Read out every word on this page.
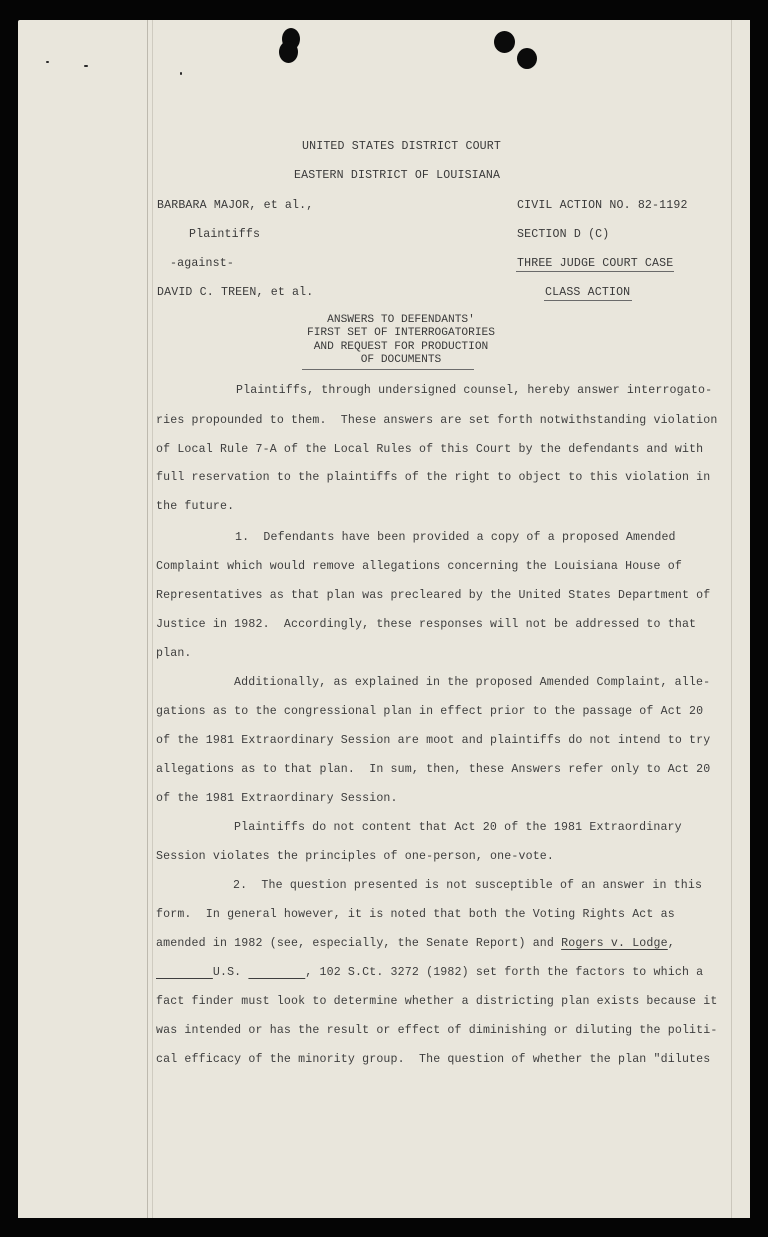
UNITED STATES DISTRICT COURT
EASTERN DISTRICT OF LOUISIANA
BARBARA MAJOR, et al.,
Plaintiffs
-against-
DAVID C. TREEN, et al.
CIVIL ACTION NO. 82-1192
SECTION D (C)
THREE JUDGE COURT CASE
CLASS ACTION
ANSWERS TO DEFENDANTS'
FIRST SET OF INTERROGATORIES
AND REQUEST FOR PRODUCTION
OF DOCUMENTS
Plaintiffs, through undersigned counsel, hereby answer interrogato-
ries propounded to them.  These answers are set forth notwithstanding violation
of Local Rule 7-A of the Local Rules of this Court by the defendants and with
full reservation to the plaintiffs of the right to object to this violation in
the future.
1.  Defendants have been provided a copy of a proposed Amended
Complaint which would remove allegations concerning the Louisiana House of
Representatives as that plan was precleared by the United States Department of
Justice in 1982.  Accordingly, these responses will not be addressed to that
plan.
Additionally, as explained in the proposed Amended Complaint, alle-
gations as to the congressional plan in effect prior to the passage of Act 20
of the 1981 Extraordinary Session are moot and plaintiffs do not intend to try
allegations as to that plan.  In sum, then, these Answers refer only to Act 20
of the 1981 Extraordinary Session.
Plaintiffs do not content that Act 20 of the 1981 Extraordinary
Session violates the principles of one-person, one-vote.
2.  The question presented is not susceptible of an answer in this
form.  In general however, it is noted that both the Voting Rights Act as
amended in 1982 (see, especially, the Senate Report) and Rogers v. Lodge,
U.S.	, 102 S.Ct. 3272 (1982) set forth the factors to which a
fact finder must look to determine whether a districting plan exists because it
was intended or has the result or effect of diminishing or diluting the politi-
cal efficacy of the minority group.  The question of whether the plan "dilutes
